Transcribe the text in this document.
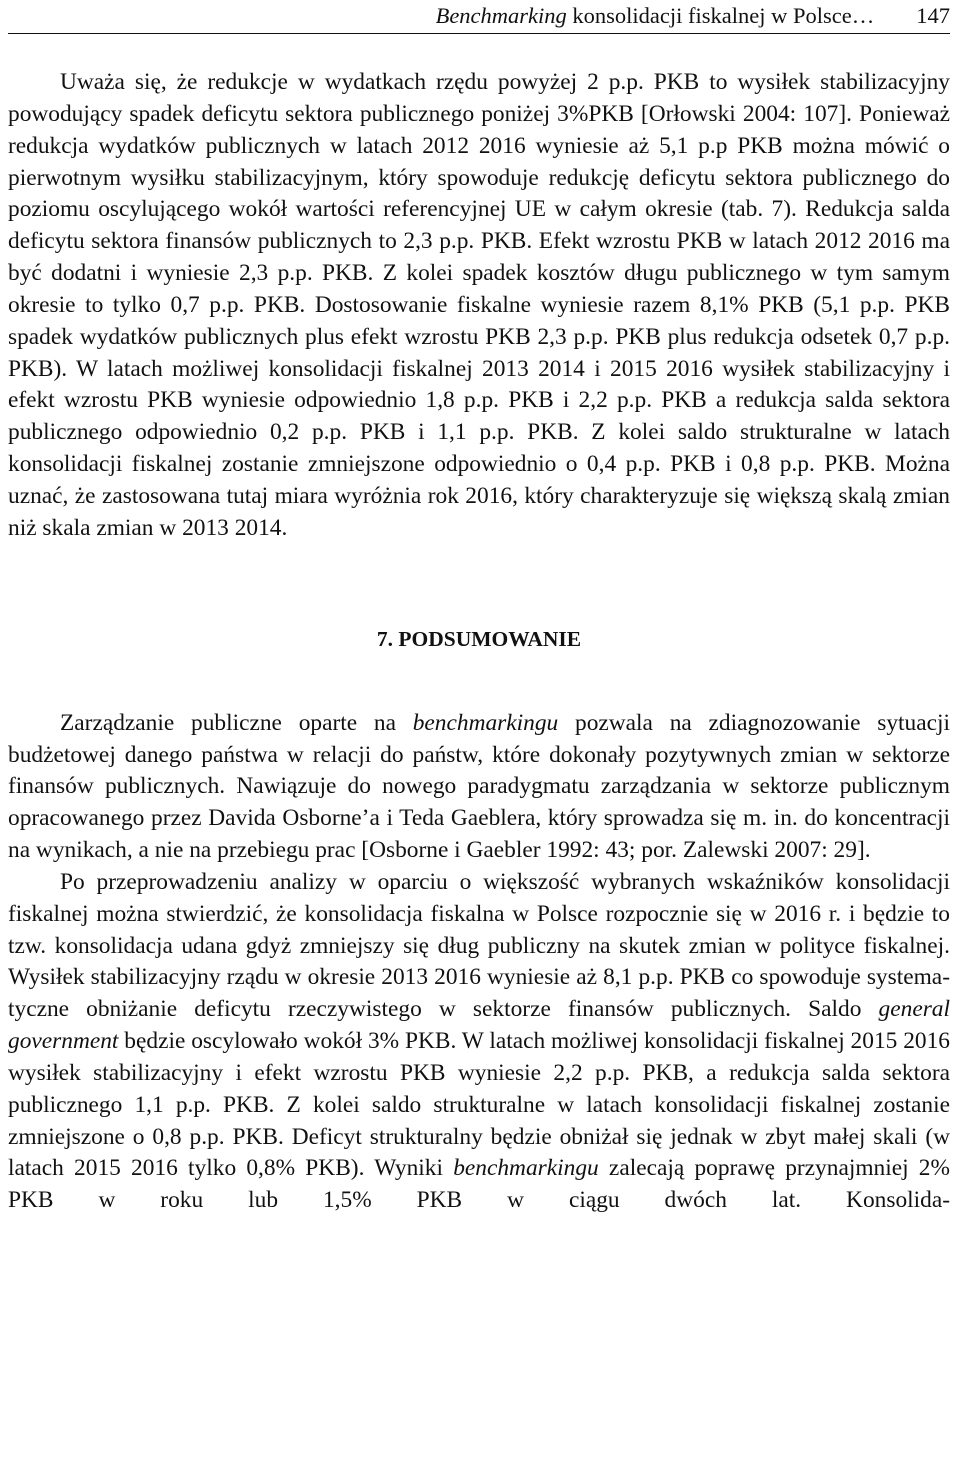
Benchmarking konsolidacji fiskalnej w Polsce… 147

Uważa się, że redukcje w wydatkach rzędu powyżej 2 p.p. PKB to wysiłek stabilizacyjny powodujący spadek deficytu sektora publicznego poniżej 3%PKB [Orłowski 2004: 107]. Ponieważ redukcja wydatków publicznych w latach 2012 2016 wyniesie aż 5,1 p.p PKB można mówić o pierwotnym wysiłku stabilizacyjnym, który spowoduje redukcję deficytu sektora publicznego do poziomu oscylującego wokół wartości referencyjnej UE w całym okresie (tab. 7). Redukcja salda deficytu sektora finansów publicznych to 2,3 p.p. PKB. Efekt wzrostu PKB w latach 2012 2016 ma być dodatni i wyniesie 2,3 p.p. PKB. Z kolei spadek kosztów długu publicznego w tym samym okresie to tylko 0,7 p.p. PKB. Dostosowanie fiskalne wyniesie razem 8,1% PKB (5,1 p.p. PKB spadek wydatków publicznych plus efekt wzrostu PKB 2,3 p.p. PKB plus redukcja odsetek 0,7 p.p. PKB). W latach możliwej konsolidacji fiskalnej 2013 2014 i 2015 2016 wysiłek stabilizacyjny i efekt wzrostu PKB wyniesie odpowiednio 1,8 p.p. PKB i 2,2 p.p. PKB a redukcja salda sektora publicznego odpowiednio 0,2 p.p. PKB i 1,1 p.p. PKB. Z kolei saldo strukturalne w latach konsolidacji fiskalnej zostanie zmniejszone odpowiednio o 0,4 p.p. PKB i 0,8 p.p. PKB. Można uznać, że zastosowana tutaj miara wyróżnia rok 2016, który charakteryzuje się większą skalą zmian niż skala zmian w 2013 2014.

7. PODSUMOWANIE

Zarządzanie publiczne oparte na benchmarkingu pozwala na zdiagnozowanie sytuacji budżetowej danego państwa w relacji do państw, które dokonały pozytywnych zmian w sektorze finansów publicznych. Nawiązuje do nowego paradygmatu zarządzania w sektorze publicznym opracowanego przez Davida Osborne’a i Teda Gaeblera, który sprowadza się m. in. do koncentracji na wynikach, a nie na przebiegu prac [Osborne i Gaebler 1992: 43; por. Zalewski 2007: 29].

Po przeprowadzeniu analizy w oparciu o większość wybranych wskaźników konsolidacji fiskalnej można stwierdzić, że konsolidacja fiskalna w Polsce rozpocznie się w 2016 r. i będzie to tzw. konsolidacja udana gdyż zmniejszy się dług publiczny na skutek zmian w polityce fiskalnej. Wysiłek stabilizacyjny rządu w okresie 2013 2016 wyniesie aż 8,1 p.p. PKB co spowoduje systematyczne obniżanie deficytu rzeczywistego w sektorze finansów publicznych. Saldo general government będzie oscylowało wokół 3% PKB. W latach możliwej konsolidacji fiskalnej 2015 2016 wysiłek stabilizacyjny i efekt wzrostu PKB wyniesie 2,2 p.p. PKB, a redukcja salda sektora publicznego 1,1 p.p. PKB. Z kolei saldo strukturalne w latach konsolidacji fiskalnej zostanie zmniejszone o 0,8 p.p. PKB. Deficyt strukturalny będzie obniżał się jednak w zbyt małej skali (w latach 2015 2016 tylko 0,8% PKB). Wyniki benchmarkingu zalecają poprawę przynajmniej 2% PKB w roku lub 1,5% PKB w ciągu dwóch lat. Konsolida-
